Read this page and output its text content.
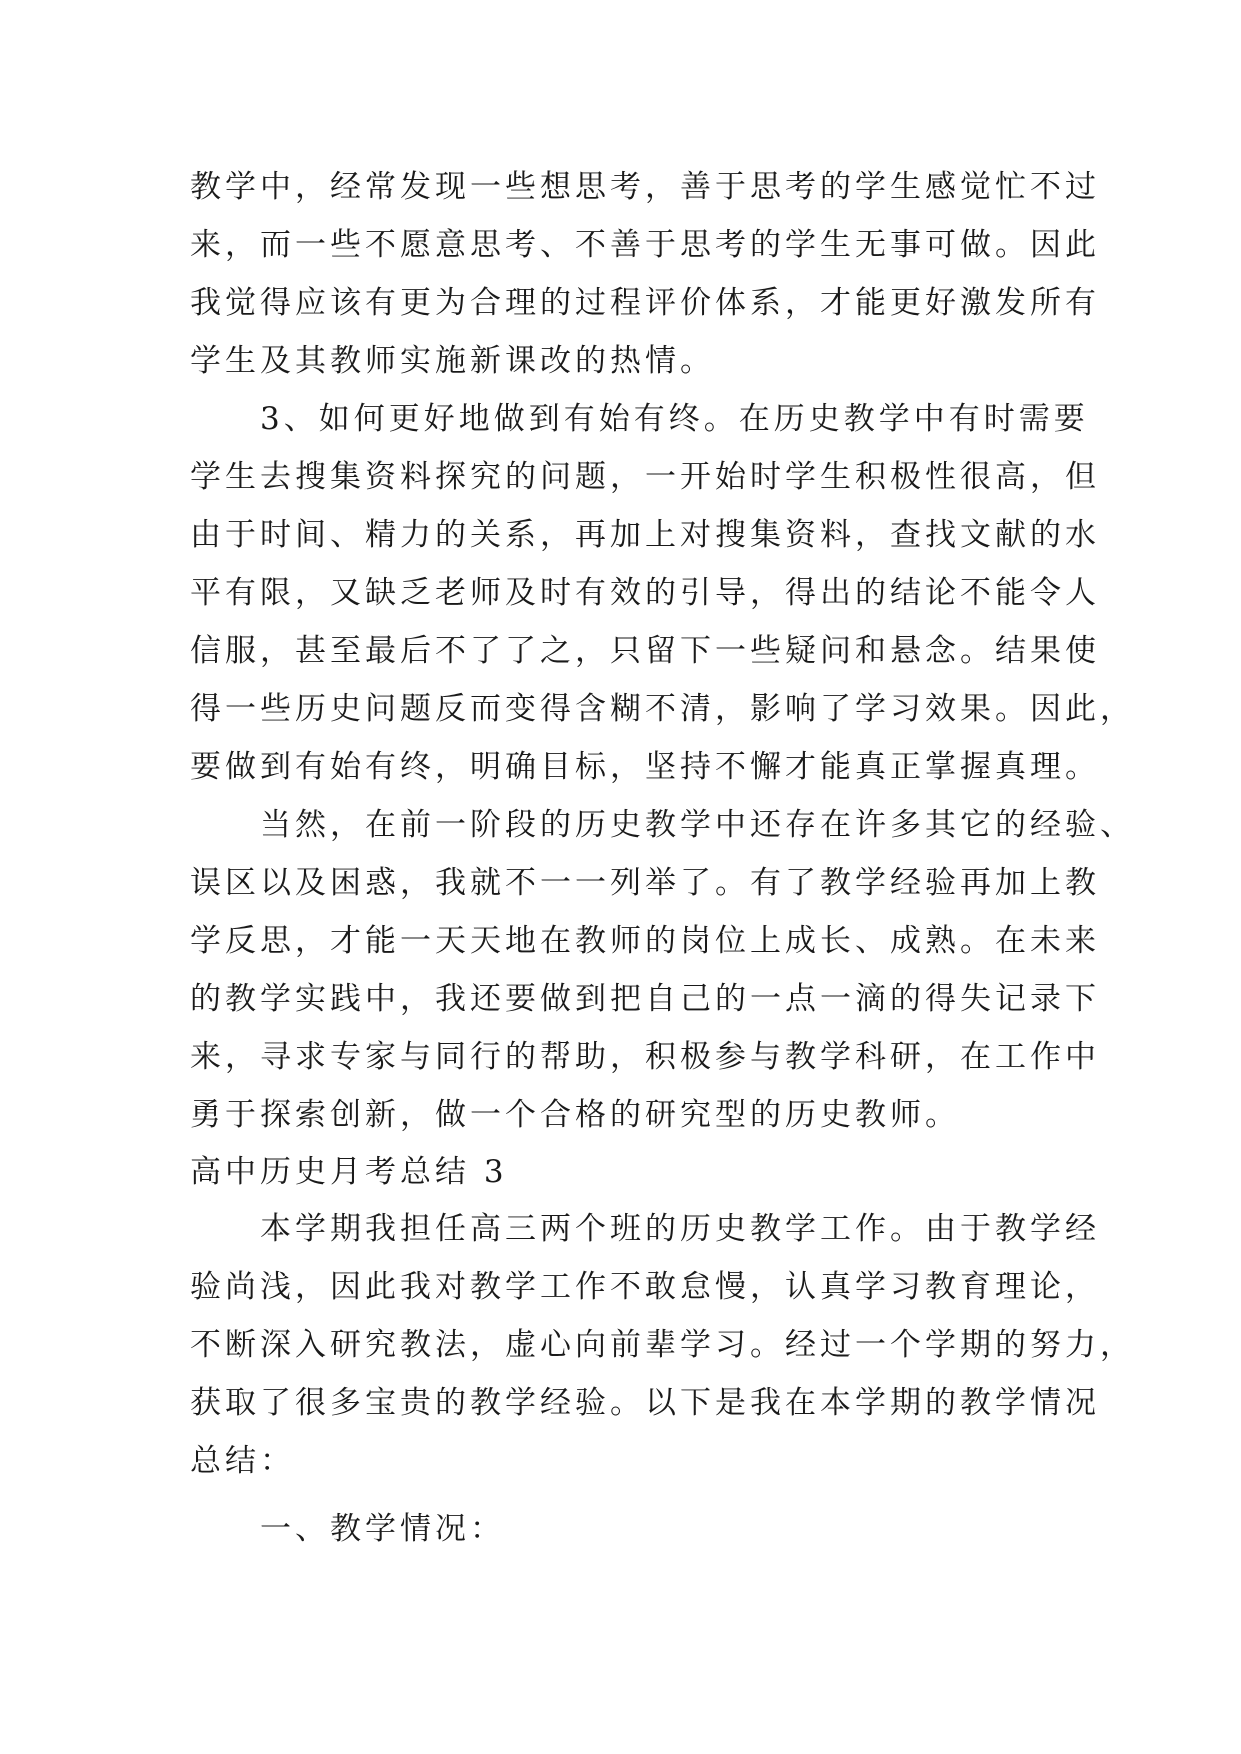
教学中，经常发现一些想思考，善于思考的学生感觉忙不过
来，而一些不愿意思考、不善于思考的学生无事可做。因此
我觉得应该有更为合理的过程评价体系，才能更好激发所有
学生及其教师实施新课改的热情。
　　3、如何更好地做到有始有终。在历史教学中有时需要
学生去搜集资料探究的问题，一开始时学生积极性很高，但
由于时间、精力的关系，再加上对搜集资料，查找文献的水
平有限，又缺乏老师及时有效的引导，得出的结论不能令人
信服，甚至最后不了了之，只留下一些疑问和悬念。结果使
得一些历史问题反而变得含糊不清，影响了学习效果。因此，
要做到有始有终，明确目标，坚持不懈才能真正掌握真理。
　　当然，在前一阶段的历史教学中还存在许多其它的经验、
误区以及困惑，我就不一一列举了。有了教学经验再加上教
学反思，才能一天天地在教师的岗位上成长、成熟。在未来
的教学实践中，我还要做到把自己的一点一滴的得失记录下
来，寻求专家与同行的帮助，积极参与教学科研，在工作中
勇于探索创新，做一个合格的研究型的历史教师。
高中历史月考总结 3
　　本学期我担任高三两个班的历史教学工作。由于教学经
验尚浅，因此我对教学工作不敢怠慢，认真学习教育理论，
不断深入研究教法，虚心向前辈学习。经过一个学期的努力，
获取了很多宝贵的教学经验。以下是我在本学期的教学情况
总结：
　　一、教学情况：
